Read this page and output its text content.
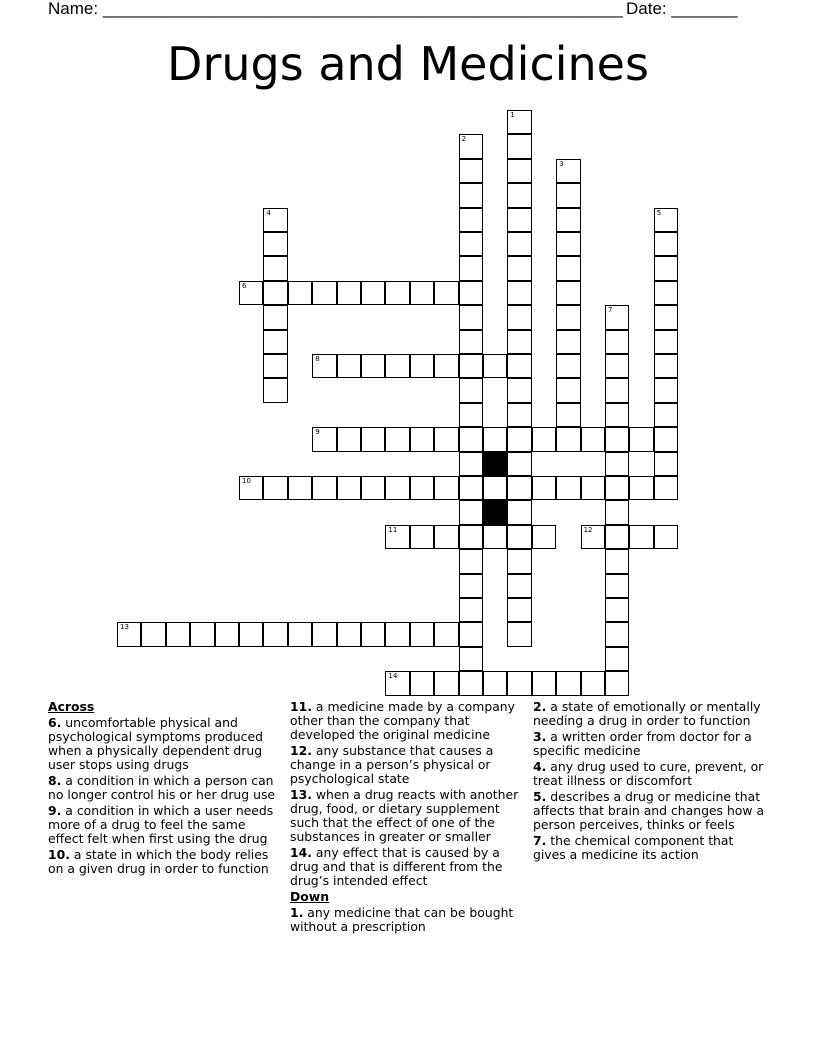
Name: _______________________________________________________ Date: _______
Drugs and Medicines
1
2
3
4	5
6
7
8
9
10
11	12
13
14
Across
6. uncomfortable physical and psychological symptoms produced when a physically dependent drug user stops using drugs
8. a condition in which a person can no longer control his or her drug use
9. a condition in which a user needs more of a drug to feel the same effect felt when first using the drug
10. a state in which the body relies on a given drug in order to function
11. a medicine made by a company other than the company that developed the original medicine
12. any substance that causes a change in a person’s physical or psychological state
13. when a drug reacts with another drug, food, or dietary supplement such that the effect of one of the substances in greater or smaller
14. any effect that is caused by a drug and that is different from the drug’s intended effect
Down
1. any medicine that can be bought without a prescription
2. a state of emotionally or mentally needing a drug in order to function
3. a written order from doctor for a specific medicine
4. any drug used to cure, prevent, or treat illness or discomfort
5. describes a drug or medicine that affects that brain and changes how a person perceives, thinks or feels
7. the chemical component that gives a medicine its action
